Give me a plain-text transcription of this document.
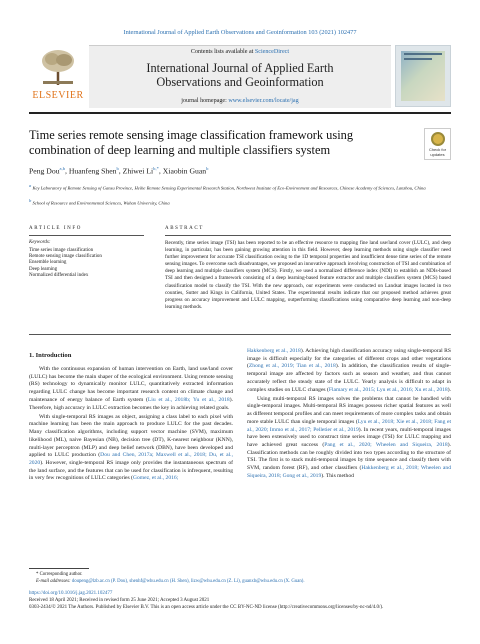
International Journal of Applied Earth Observations and Geoinformation 103 (2021) 102477
ELSEVIER
Contents lists available at ScienceDirect
International Journal of Applied Earth
Observations and Geoinformation
journal homepage: www.elsevier.com/locate/jag
Time series remote sensing image classification framework using combination of deep learning and multiple classifiers system	Check for
updates
Peng Dou$^{a,b}$, Huanfeng Shen$^b$, Zhiwei $Li^{b,*}$, Xiaobin Guan$^b$
$^a$ Key Laboratory of Remote Sensing of Gansu Province, Heihe Remote Sensing Experimental Research Station, Northwest Institute of Eco-Environment and Resources, Chinese Academy of Sciences, Lanzhou, China
$^b$ School of Resource and Environmental Sciences, Wuhan University, China
ARTICLE INFO	ABSTRACT
Keywords:
Time series image classification
Remote sensing image classification
Ensemble learning
Deep learning
Normalized differential index
Recently, time series image (TSI) has been reported to be an effective resource to mapping fine land use/land cover (LULC), and deep learning, in particular, has been gaining growing attention in this field. However, deep learning methods using single classifier need further improvement for accurate TSI classification owing to the 1D temporal properties and insufficient dense time series of the remote sensing images. To overcome such disadvantages, we proposed an innovative approach involving construction of TSI and combination of deep learning and multiple classifiers system (MCS). Firstly, we used a normalized difference index (NDI) to establish an NDIs-based TSI and then designed a framework consisting of a deep learning-based feature extractor and multiple classifiers system (MCS) based classification model to classify the TSI. With the new approach, our experiments were conducted on Landsat images located in two counties, Sutter and Kings in California, United States. The experimental results indicate that our proposed method achieves great progress on accuracy improvement and LULC mapping, outperforming classifications using comparative deep learning and non-deep learning methods.
1. Introduction

With the continuous expansion of human intervention on Earth, land use/land cover (LULC) has become the main shaper of the ecological environment. Using remote sensing (RS) technology to dynamically monitor LULC, quantitatively extracted information regarding LULC change has become important research content on climate change and maintenance of energy balance of Earth system (Liu et al., 2018b; Yu et al., 2018). Therefore, high accuracy in LULC extraction becomes the key in achieving related goals.

With single-temporal RS images as object, assigning a class label to each pixel with machine learning has been the main approach to produce LULC for the past decades. Many classification algorithms, including support vector machine (SVM), maximum likelihood (ML), naive Bayesian (NB), decision tree (DT), K-nearest neighbour (KNN), multi-layer perceptron (MLP) and deep belief network (DBN), have been developed and applied to LULC production (Dou and Chen, 2017a; Maxwell et al., 2018; Du, et al., 2020). However, single-temporal RS image only provides the instantaneous spectrum of the land surface, and the features that can be used for classification is infrequent, resulting in very few recognitions of LULC categories (Gomez, et al., 2016;

Hakkenberg et al., 2018). Achieving high classification accuracy using single-temporal RS image is difficult especially for the categories of different crops and other vegetations (Zhong et al., 2019; Tian et al., 2018). In addition, the classification results of single-temporal image are affected by factors such as season and weather, and thus cannot accurately reflect the steady state of the LULC. Yearly analysis is difficult to adapt in complex studies on LULC changes (Flamary et al., 2015; Lyu et al., 2016; Xu et al., 2018).

Using multi-temporal RS images solves the problems that cannot be handled with single-temporal images. Multi-temporal RS images possess richer spatial features as well as different temporal profiles and can meet requirements of more complex tasks and obtain more stable LULC than single temporal images (Lyu et al., 2018; Xie et al., 2018; Fang et al., 2020; Immo et al., 2017; Pelletier et al., 2019). In recent years, multi-temporal images have been extensively used to construct time series image (TSI) for LULC mapping and have achieved great success (Pang et al., 2020; Wheelen and Siqueira, 2018). Classification methods can be roughly divided into two types according to the structure of TSI. The first is to stack multi-temporal images by time sequence and classify them with SVM, random forest (RF), and other classifiers (Hakkenberg et al., 2018; Wheelen and Siqueira, 2018; Gong et al., 2019). This method

* Corresponding author.
E-mail addresses: doupeng@lzb.ac.cn (P. Dou), shenhf@whu.edu.cn (H. Shen), lizw@whu.edu.cn (Z. Li), guanxb@whu.edu.cn (X. Guan).
https://doi.org/10.1016/j.jag.2021.102477
Received 18 April 2021; Received in revised form 25 June 2021; Accepted 3 August 2021
0303-2434/© 2021 The Authors. Published by Elsevier B.V. This is an open access article under the CC BY-NC-ND license (http://creativecommons.org/licenses/by-nc-nd/4.0/).
